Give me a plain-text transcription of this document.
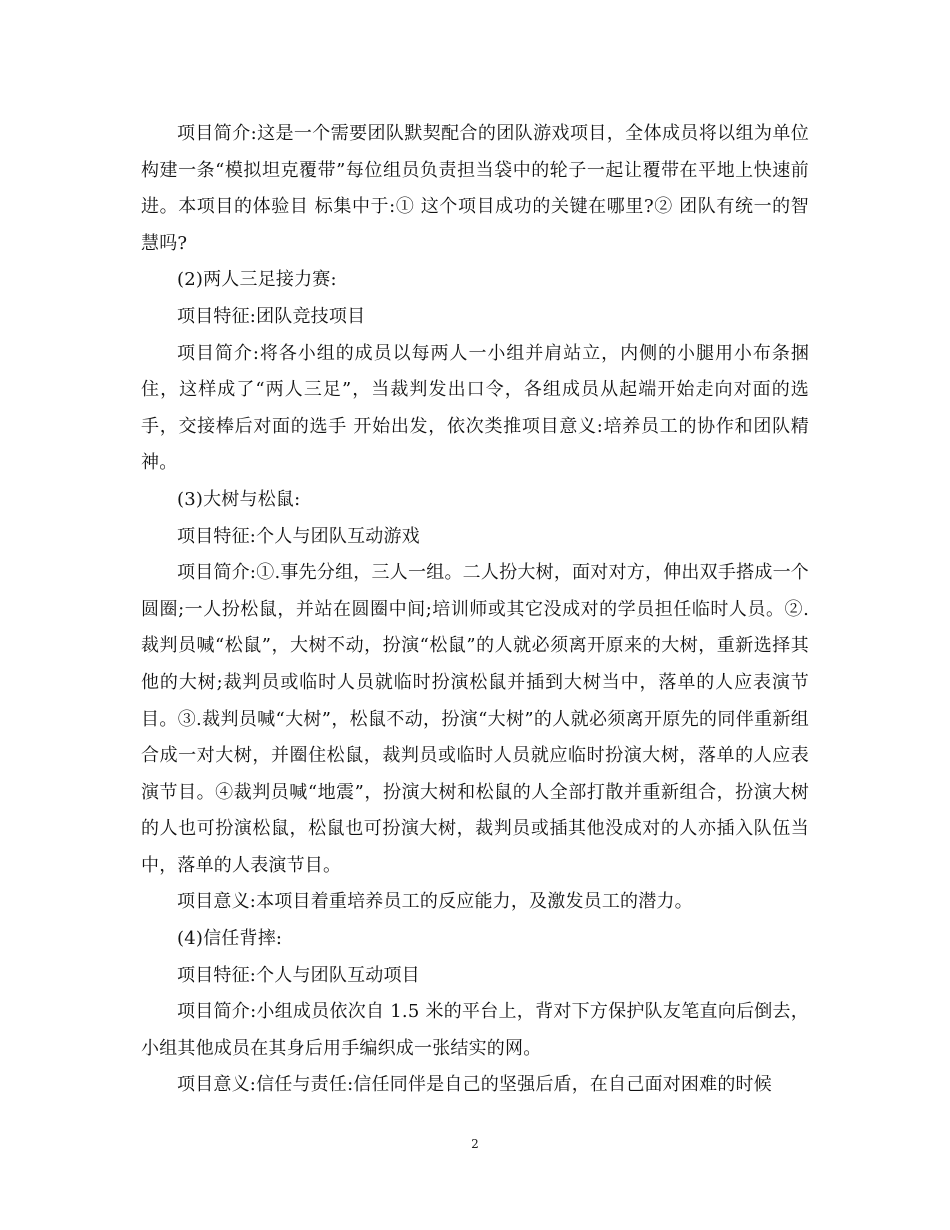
项目简介:这是一个需要团队默契配合的团队游戏项目，全体成员将以组为单位构建一条“模拟坦克覆带”每位组员负责担当袋中的轮子一起让覆带在平地上快速前进。本项目的体验目 标集中于:① 这个项目成功的关键在哪里?② 团队有统一的智慧吗?

(2)两人三足接力赛:

项目特征:团队竞技项目

项目简介:将各小组的成员以每两人一小组并肩站立，内侧的小腿用小布条捆住，这样成了“两人三足”，当裁判发出口令，各组成员从起端开始走向对面的选手，交接棒后对面的选手 开始出发，依次类推项目意义:培养员工的协作和团队精神。

(3)大树与松鼠:

项目特征:个人与团队互动游戏

项目简介:①.事先分组，三人一组。二人扮大树，面对对方，伸出双手搭成一个圆圈;一人扮松鼠，并站在圆圈中间;培训师或其它没成对的学员担任临时人员。②.裁判员喊“松鼠”，大树不动，扮演“松鼠”的人就必须离开原来的大树，重新选择其他的大树;裁判员或临时人员就临时扮演松鼠并插到大树当中，落单的人应表演节目。③.裁判员喊“大树”，松鼠不动，扮演“大树”的人就必须离开原先的同伴重新组合成一对大树，并圈住松鼠，裁判员或临时人员就应临时扮演大树，落单的人应表演节目。④裁判员喊“地震”，扮演大树和松鼠的人全部打散并重新组合，扮演大树的人也可扮演松鼠，松鼠也可扮演大树，裁判员或插其他没成对的人亦插入队伍当中，落单的人表演节目。

项目意义:本项目着重培养员工的反应能力，及激发员工的潜力。

(4)信任背摔:

项目特征:个人与团队互动项目

项目简介:小组成员依次自 1.5 米的平台上，背对下方保护队友笔直向后倒去，小组其他成员在其身后用手编织成一张结实的网。

项目意义:信任与责任:信任同伴是自己的坚强后盾，在自己面对困难的时候

2
